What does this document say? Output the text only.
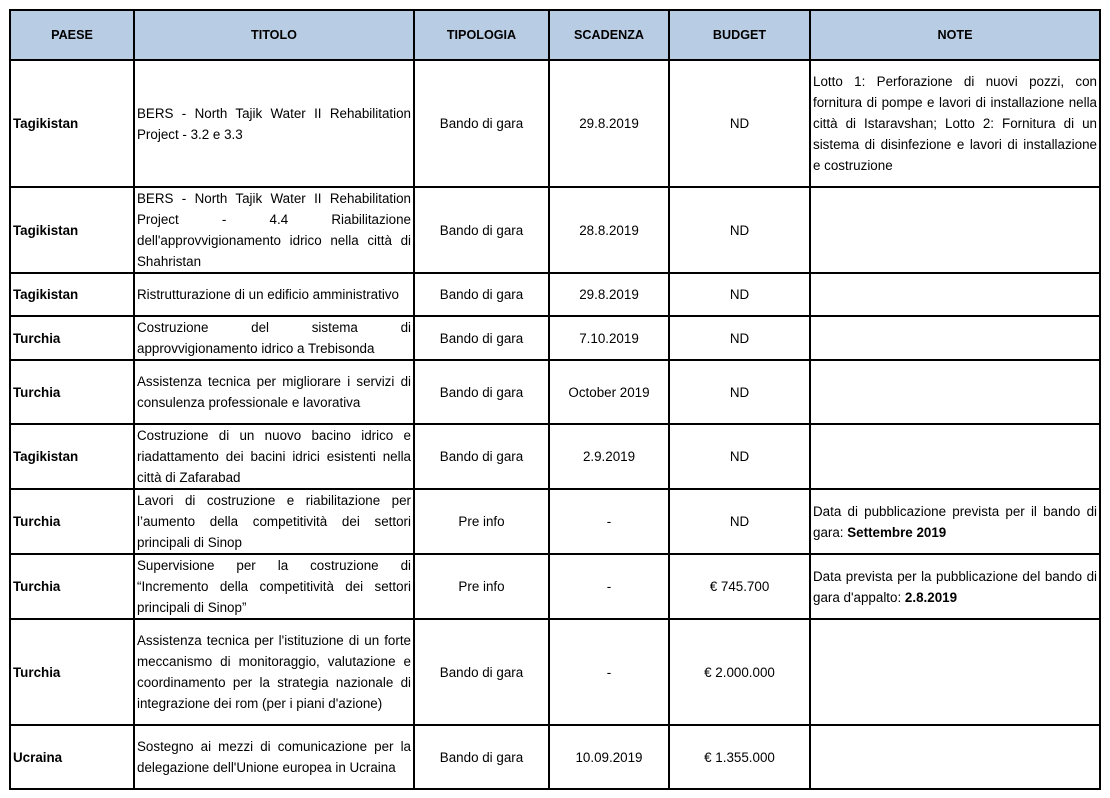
PAESE	TITOLO	TIPOLOGIA	SCADENZA	BUDGET	NOTE
Tagikistan	BERS - North Tajik Water II Rehabilitation Project - 3.2 e 3.3	Bando di gara	29.8.2019	ND	Lotto 1: Perforazione di nuovi pozzi, con fornitura di pompe e lavori di installazione nella città di Istaravshan; Lotto 2: Fornitura di un sistema di disinfezione e lavori di installazione e costruzione
Tagikistan	BERS - North Tajik Water II Rehabilitation Project - 4.4 Riabilitazione dell'approvvigionamento idrico nella città di Shahristan	Bando di gara	28.8.2019	ND	
Tagikistan	Ristrutturazione di un edificio amministrativo	Bando di gara	29.8.2019	ND	
Turchia	Costruzione del sistema di approvvigionamento idrico a Trebisonda	Bando di gara	7.10.2019	ND	
Turchia	Assistenza tecnica per migliorare i servizi di consulenza professionale e lavorativa	Bando di gara	October 2019	ND	
Tagikistan	Costruzione di un nuovo bacino idrico e riadattamento dei bacini idrici esistenti nella città di Zafarabad	Bando di gara	2.9.2019	ND	
Turchia	Lavori di costruzione e riabilitazione per l’aumento della competitività dei settori principali di Sinop	Pre info	-	ND	Data di pubblicazione prevista per il bando di gara: Settembre 2019
Turchia	Supervisione per la costruzione di “Incremento della competitività dei settori principali di Sinop”	Pre info	-	€ 745.700	Data prevista per la pubblicazione del bando di gara d'appalto: 2.8.2019
Turchia	Assistenza tecnica per l'istituzione di un forte meccanismo di monitoraggio, valutazione e coordinamento per la strategia nazionale di integrazione dei rom (per i piani d'azione)	Bando di gara	-	€ 2.000.000	
Ucraina	Sostegno ai mezzi di comunicazione per la delegazione dell'Unione europea in Ucraina	Bando di gara	10.09.2019	€ 1.355.000	
